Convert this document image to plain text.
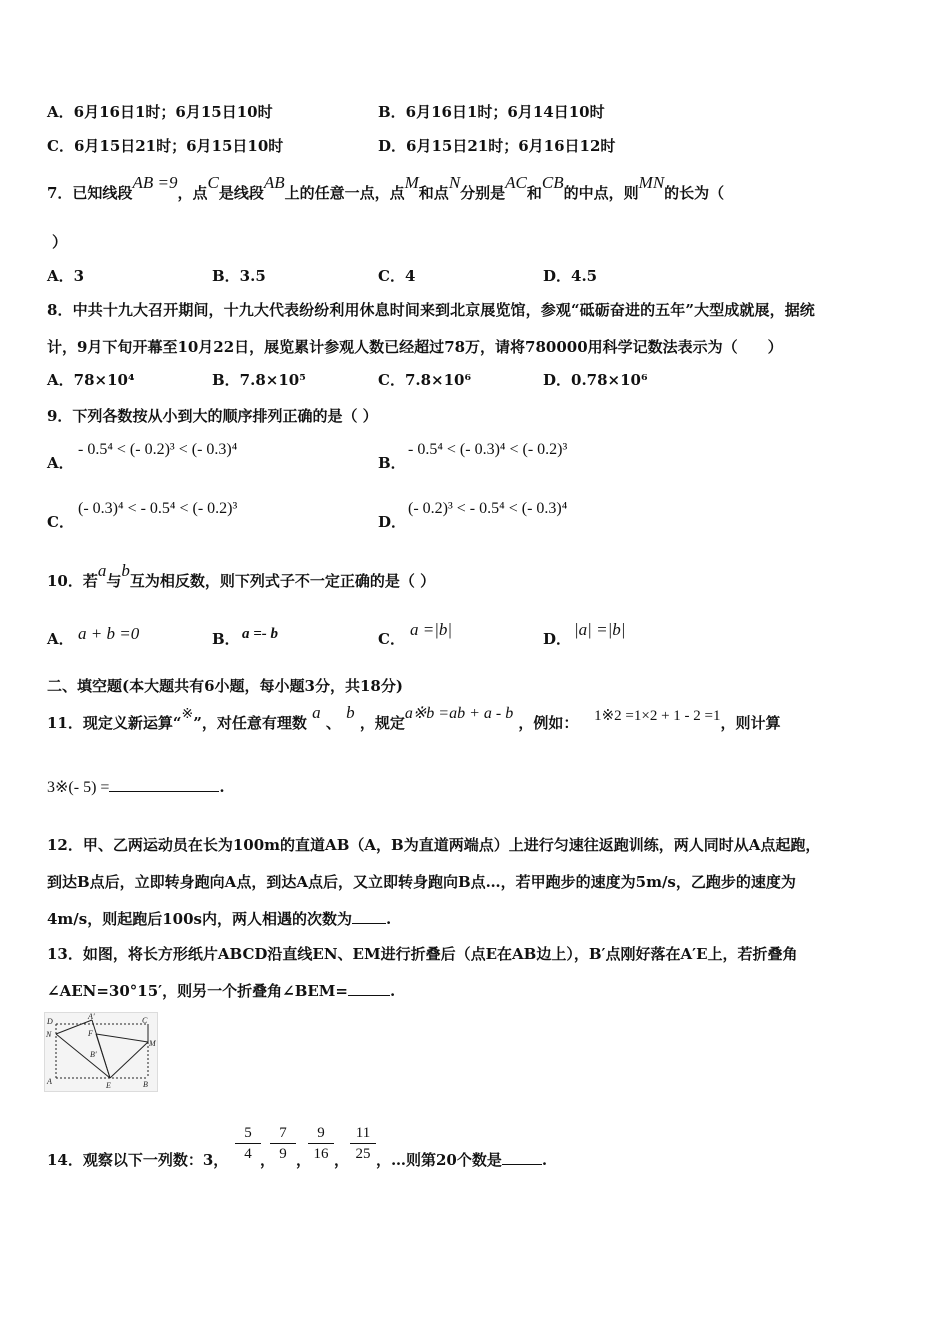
A．6月16日1时；6月15日10时	B．6月16日1时；6月14日10时
C．6月15日21时；6月15日10时	D．6月15日21时；6月16日12时
7．已知线段AB =9，点C是线段AB上的任意一点，点M和点N分别是AC和CB的中点，则MN的长为（
）
A．3	B．3.5	C．4	D．4.5
8．中共十九大召开期间，十九大代表纷纷利用休息时间来到北京展览馆，参观“砥砺奋进的五年”大型成就展，据统
计，9月下旬开幕至10月22日，展览累计参观人数已经超过78万，请将780000用科学记数法表示为（　　）
A．78×10⁴	B．7.8×10⁵	C．7.8×10⁶	D．0.78×10⁶
9．下列各数按从小到大的顺序排列正确的是（ ）
A．
- 0.5⁴ < (- 0.2)³ < (- 0.3)⁴
B．
- 0.5⁴ < (- 0.3)⁴ < (- 0.2)³
C．
(- 0.3)⁴ < - 0.5⁴ < (- 0.2)³
D．
(- 0.2)³ < - 0.5⁴ < (- 0.3)⁴
10．若a与b互为相反数，则下列式子不一定正确的是（ ）
A． a + b =0	B． a =- b	C． a =|b|	D． |a| =|b|
二、填空题(本大题共有6小题，每小题3分，共18分)
11．现定义新运算“※”，对任意有理数 a 、 b ，规定a※b =ab + a - b ，例如： 1※2 =1×2 + 1 - 2 =1，则计算
3※(- 5) =	.
12．甲、乙两运动员在长为100m的直道AB（A，B为直道两端点）上进行匀速往返跑训练，两人同时从A点起跑，
到达B点后，立即转身跑向A点，到达A点后，又立即转身跑向B点…，若甲跑步的速度为5m/s，乙跑步的速度为
4m/s，则起跑后100s内，两人相遇的次数为 .
13．如图，将长方形纸片ABCD沿直线EN、EM进行折叠后（点E在AB边上），B′点刚好落在A′E上，若折叠角
∠AEN=30°15′，则另一个折叠角∠BEM=	.
D
A′	C
N	F
M
B′
A	E	B
14．观察以下一列数：3， $\frac{5}{4}$ ，
$\frac{7}{9}$ ，
$\frac{9}{16}$ ， $\frac{11}{25}$ ，…则第20个数是	.
